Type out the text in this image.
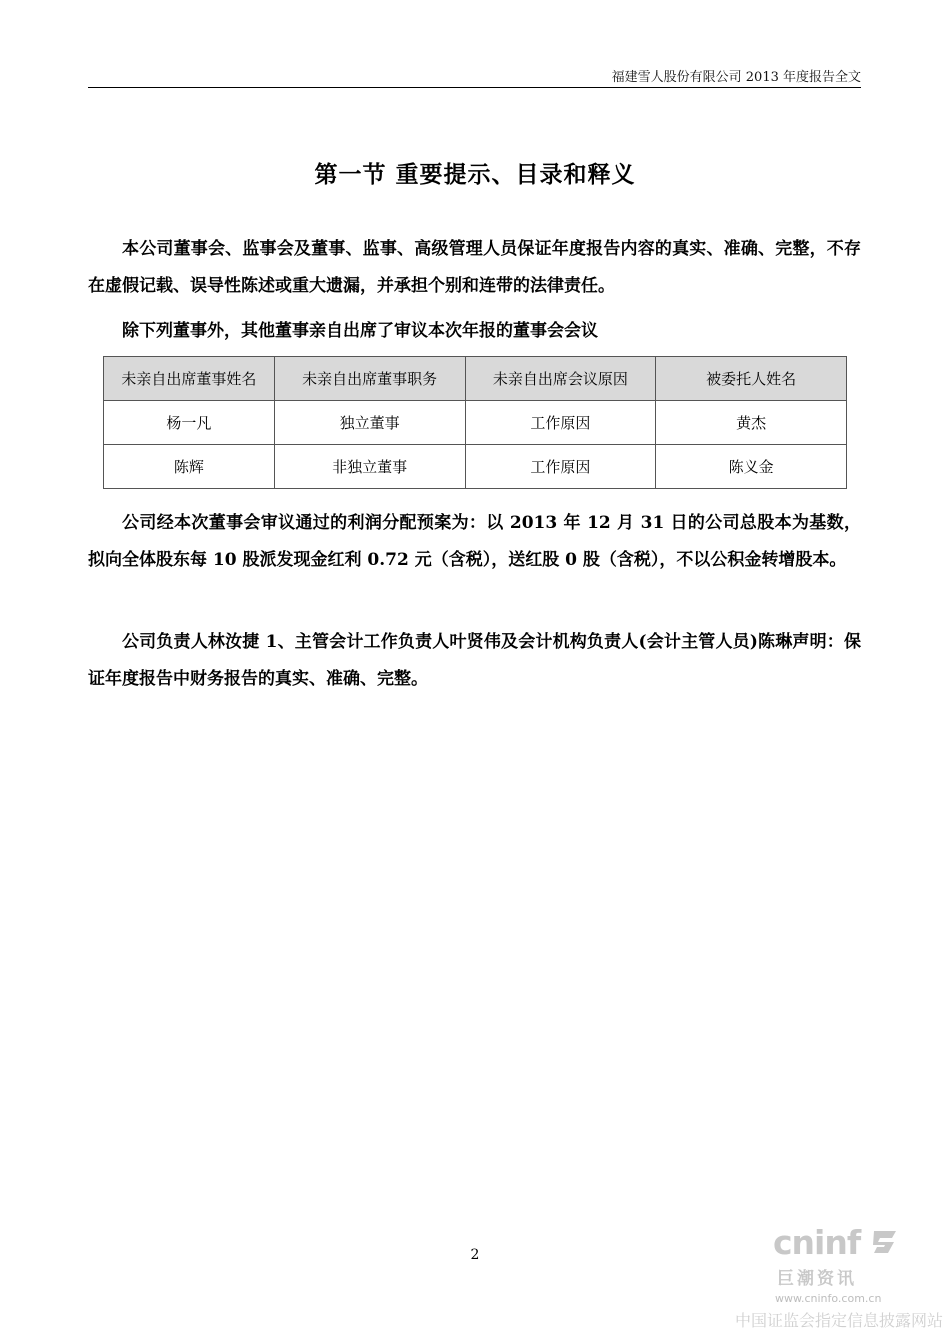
福建雪人股份有限公司 2013 年度报告全文
第一节 重要提示、目录和释义

本公司董事会、监事会及董事、监事、高级管理人员保证年度报告内容的真实、准确、完整，不存在虚假记载、误导性陈述或重大遗漏，并承担个别和连带的法律责任。

除下列董事外，其他董事亲自出席了审议本次年报的董事会会议

未亲自出席董事姓名	未亲自出席董事职务	未亲自出席会议原因	被委托人姓名
杨一凡	独立董事	工作原因	黄杰
陈辉	非独立董事	工作原因	陈义金

公司经本次董事会审议通过的利润分配预案为：以 2013 年 12 月 31 日的公司总股本为基数，拟向全体股东每 10 股派发现金红利 0.72 元（含税），送红股 0 股（含税），不以公积金转增股本。

公司负责人林汝捷 1、主管会计工作负责人叶贤伟及会计机构负责人(会计主管人员)陈琳声明：保证年度报告中财务报告的真实、准确、完整。

2	cninf
巨潮资讯
www.cninfo.com.cn
中国证监会指定信息披露网站
